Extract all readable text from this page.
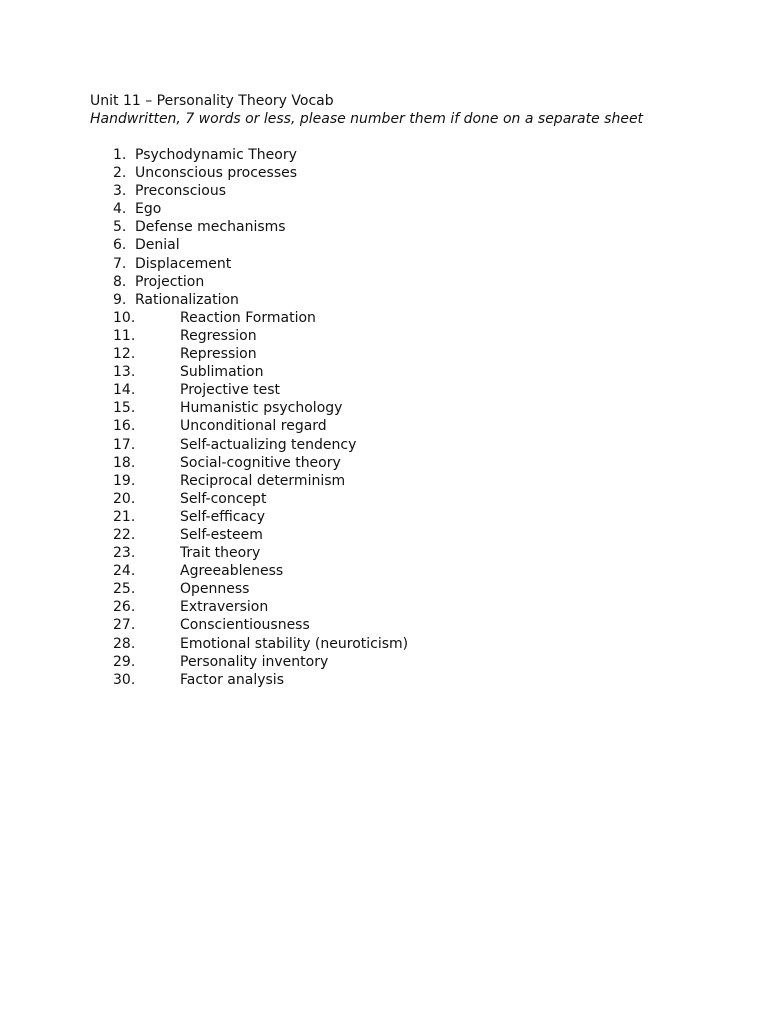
Unit 11 – Personality Theory Vocab

Handwritten, 7 words or less, please number them if done on a separate sheet

1. Psychodynamic Theory
2. Unconscious processes
3. Preconscious
4. Ego
5. Defense mechanisms
6. Denial
7. Displacement
8. Projection
9. Rationalization
10.	Reaction Formation
11.	Regression
12.	Repression
13.	Sublimation
14.	Projective test
15.	Humanistic psychology
16.	Unconditional regard
17.	Self-actualizing tendency
18.	Social-cognitive theory
19.	Reciprocal determinism
20.	Self-concept
21.	Self-efficacy
22.	Self-esteem
23.	Trait theory
24.	Agreeableness
25.	Openness
26.	Extraversion
27.	Conscientiousness
28.	Emotional stability (neuroticism)
29.	Personality inventory
30.	Factor analysis
